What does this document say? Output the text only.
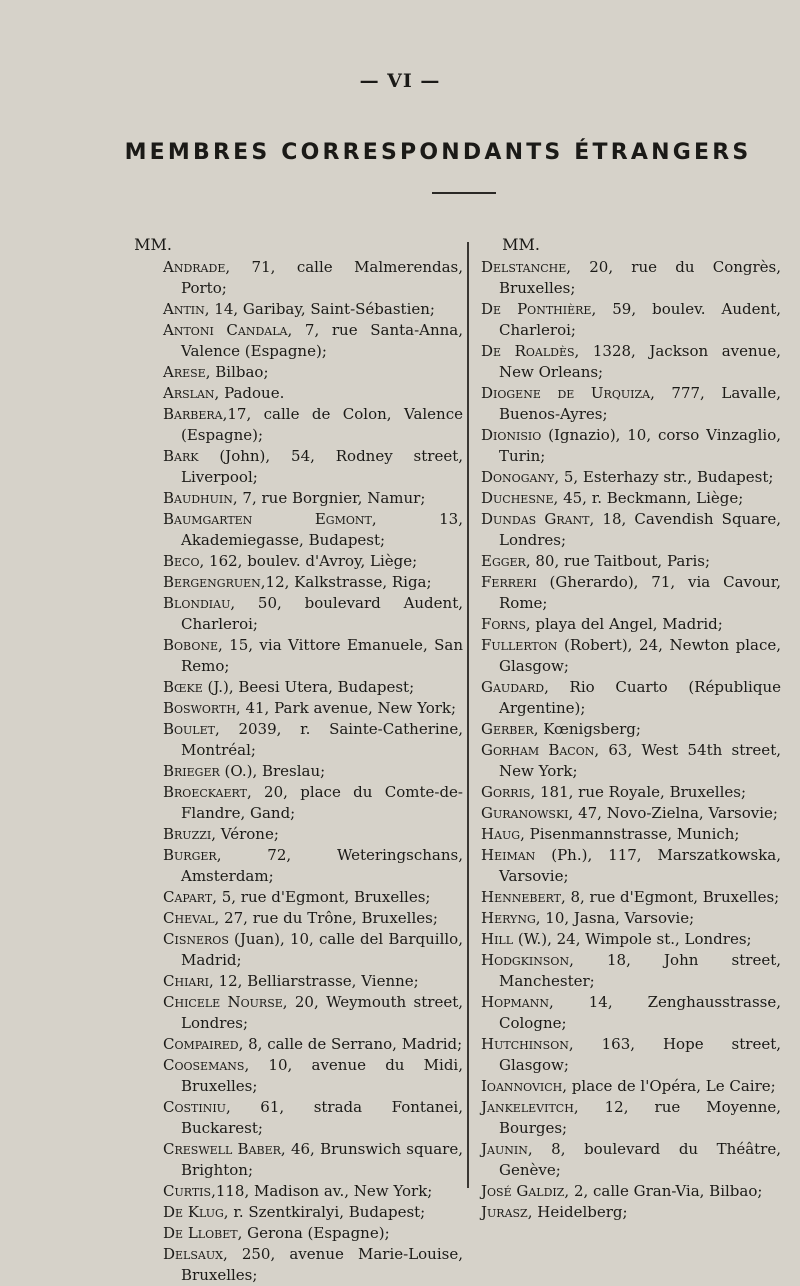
— VI —
MEMBRES CORRESPONDANTS ÉTRANGERS
MM.
Andrade, 71, calle Malmerendas, Porto;
Antin, 14, Garibay, Saint-Sébastien;
Antoni Candala, 7, rue Santa-Anna, Valence (Espagne);
Arese, Bilbao;
Arslan, Padoue.
Barbera,17, calle de Colon, Valence (Espagne);
Bark (John), 54, Rodney street, Liverpool;
Baudhuin, 7, rue Borgnier, Namur;
Baumgarten Egmont, 13, Akademiegasse, Budapest;
Beco, 162, boulev. d'Avroy, Liège;
Bergengruen,12, Kalkstrasse, Riga;
Blondiau, 50, boulevard Audent, Charleroi;
Bobone, 15, via Vittore Emanuele, San Remo;
Bœke (J.), Beesi Utera, Budapest;
Bosworth, 41, Park avenue, New York;
Boulet, 2039, r. Sainte-Catherine, Montréal;
Brieger (O.), Breslau;
Broeckaert, 20, place du Comte-de-Flandre, Gand;
Bruzzi, Vérone;
Burger, 72, Weteringschans, Amsterdam;
Capart, 5, rue d'Egmont, Bruxelles;
Cheval, 27, rue du Trône, Bruxelles;
Cisneros (Juan), 10, calle del Barquillo, Madrid;
Chiari, 12, Belliarstrasse, Vienne;
Chicele Nourse, 20, Weymouth street, Londres;
Compaired, 8, calle de Serrano, Madrid;
Coosemans, 10, avenue du Midi, Bruxelles;
Costiniu, 61, strada Fontanei, Buckarest;
Creswell Baber, 46, Brunswich square, Brighton;
Curtis,118, Madison av., New York;
De Klug, r. Szentkiralyi, Budapest;
De Llobet, Gerona (Espagne);
Delsaux, 250, avenue Marie-Louise, Bruxelles;
MM.
Delstanche, 20, rue du Congrès, Bruxelles;
De Ponthière, 59, boulev. Audent, Charleroi;
De Roaldès, 1328, Jackson avenue, New Orleans;
Diogene de Urquiza, 777, Lavalle, Buenos-Ayres;
Dionisio (Ignazio), 10, corso Vinzaglio, Turin;
Donogany, 5, Esterhazy str., Budapest;
Duchesne, 45, r. Beckmann, Liège;
Dundas Grant, 18, Cavendish Square, Londres;
Egger, 80, rue Taitbout, Paris;
Ferreri (Gherardo), 71, via Cavour, Rome;
Forns, playa del Angel, Madrid;
Fullerton (Robert), 24, Newton place, Glasgow;
Gaudard, Rio Cuarto (République Argentine);
Gerber, Kœnigsberg;
Gorham Bacon, 63, West 54th street, New York;
Gorris, 181, rue Royale, Bruxelles;
Guranowski, 47, Novo-Zielna, Varsovie;
Haug, Pisenmannstrasse, Munich;
Heiman (Ph.), 117, Marszatkowska, Varsovie;
Hennebert, 8, rue d'Egmont, Bruxelles;
Heryng, 10, Jasna, Varsovie;
Hill (W.), 24, Wimpole st., Londres;
Hodgkinson, 18, John street, Manchester;
Hopmann, 14, Zenghausstrasse, Cologne;
Hutchinson, 163, Hope street, Glasgow;
Ioannovich, place de l'Opéra, Le Caire;
Jankelevitch, 12, rue Moyenne, Bourges;
Jaunin, 8, boulevard du Théâtre, Genève;
José Galdiz, 2, calle Gran-Via, Bilbao;
Jurasz, Heidelberg;
